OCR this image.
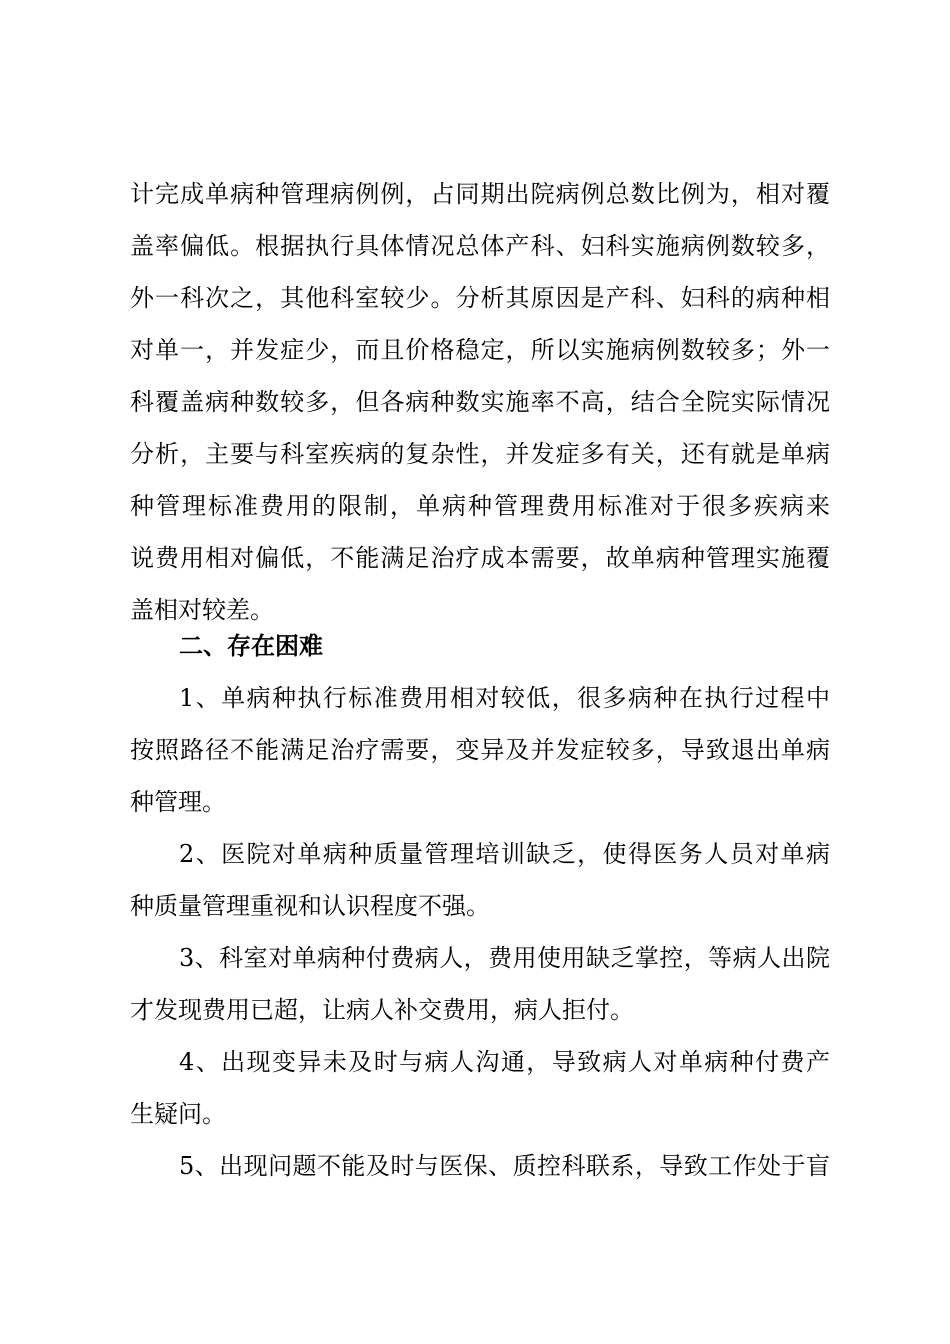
计完成单病种管理病例例，占同期出院病例总数比例为，相对覆
盖率偏低。根据执行具体情况总体产科、妇科实施病例数较多，
外一科次之，其他科室较少。分析其原因是产科、妇科的病种相
对单一，并发症少，而且价格稳定，所以实施病例数较多；外一
科覆盖病种数较多，但各病种数实施率不高，结合全院实际情况
分析，主要与科室疾病的复杂性，并发症多有关，还有就是单病
种管理标准费用的限制，单病种管理费用标准对于很多疾病来
说费用相对偏低，不能满足治疗成本需要，故单病种管理实施覆
盖相对较差。
二、存在困难
1、单病种执行标准费用相对较低，很多病种在执行过程中
按照路径不能满足治疗需要，变异及并发症较多，导致退出单病
种管理。
2、医院对单病种质量管理培训缺乏，使得医务人员对单病
种质量管理重视和认识程度不强。
3、科室对单病种付费病人，费用使用缺乏掌控，等病人出院
才发现费用已超，让病人补交费用，病人拒付。
4、出现变异未及时与病人沟通，导致病人对单病种付费产
生疑问。
5、出现问题不能及时与医保、质控科联系，导致工作处于盲
